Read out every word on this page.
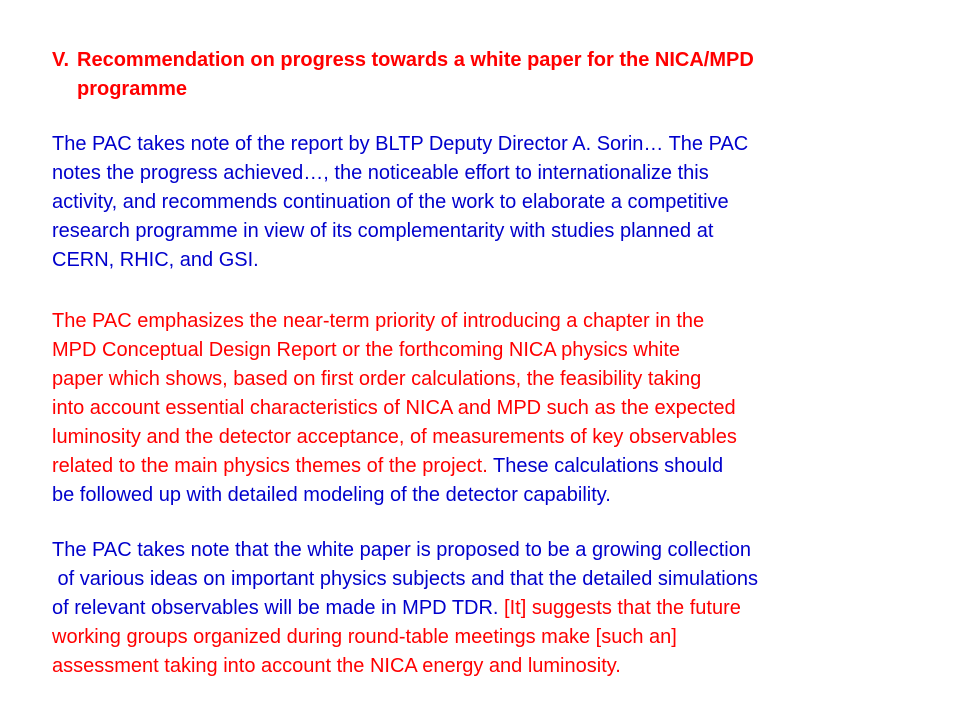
V. Recommendation on progress towards a white paper for the NICA/MPD
programme
The PAC takes note of the report by BLTP Deputy Director A. Sorin… The PAC
notes the progress achieved…, the noticeable effort to internationalize this
activity, and recommends continuation of the work to elaborate a competitive
research programme in view of its complementarity with studies planned at
CERN, RHIC, and GSI.
The PAC emphasizes the near-term priority of introducing a chapter in the
MPD Conceptual Design Report or the forthcoming NICA physics white
paper which shows, based on first order calculations, the feasibility taking
into account essential characteristics of NICA and MPD such as the expected
luminosity and the detector acceptance, of measurements of key observables
related to the main physics themes of the project. These calculations should
be followed up with detailed modeling of the detector capability.
The PAC takes note that the white paper is proposed to be a growing collection
of various ideas on important physics subjects and that the detailed simulations
of relevant observables will be made in MPD TDR. [It] suggests that the future
working groups organized during round-table meetings make [such an]
assessment taking into account the NICA energy and luminosity.
